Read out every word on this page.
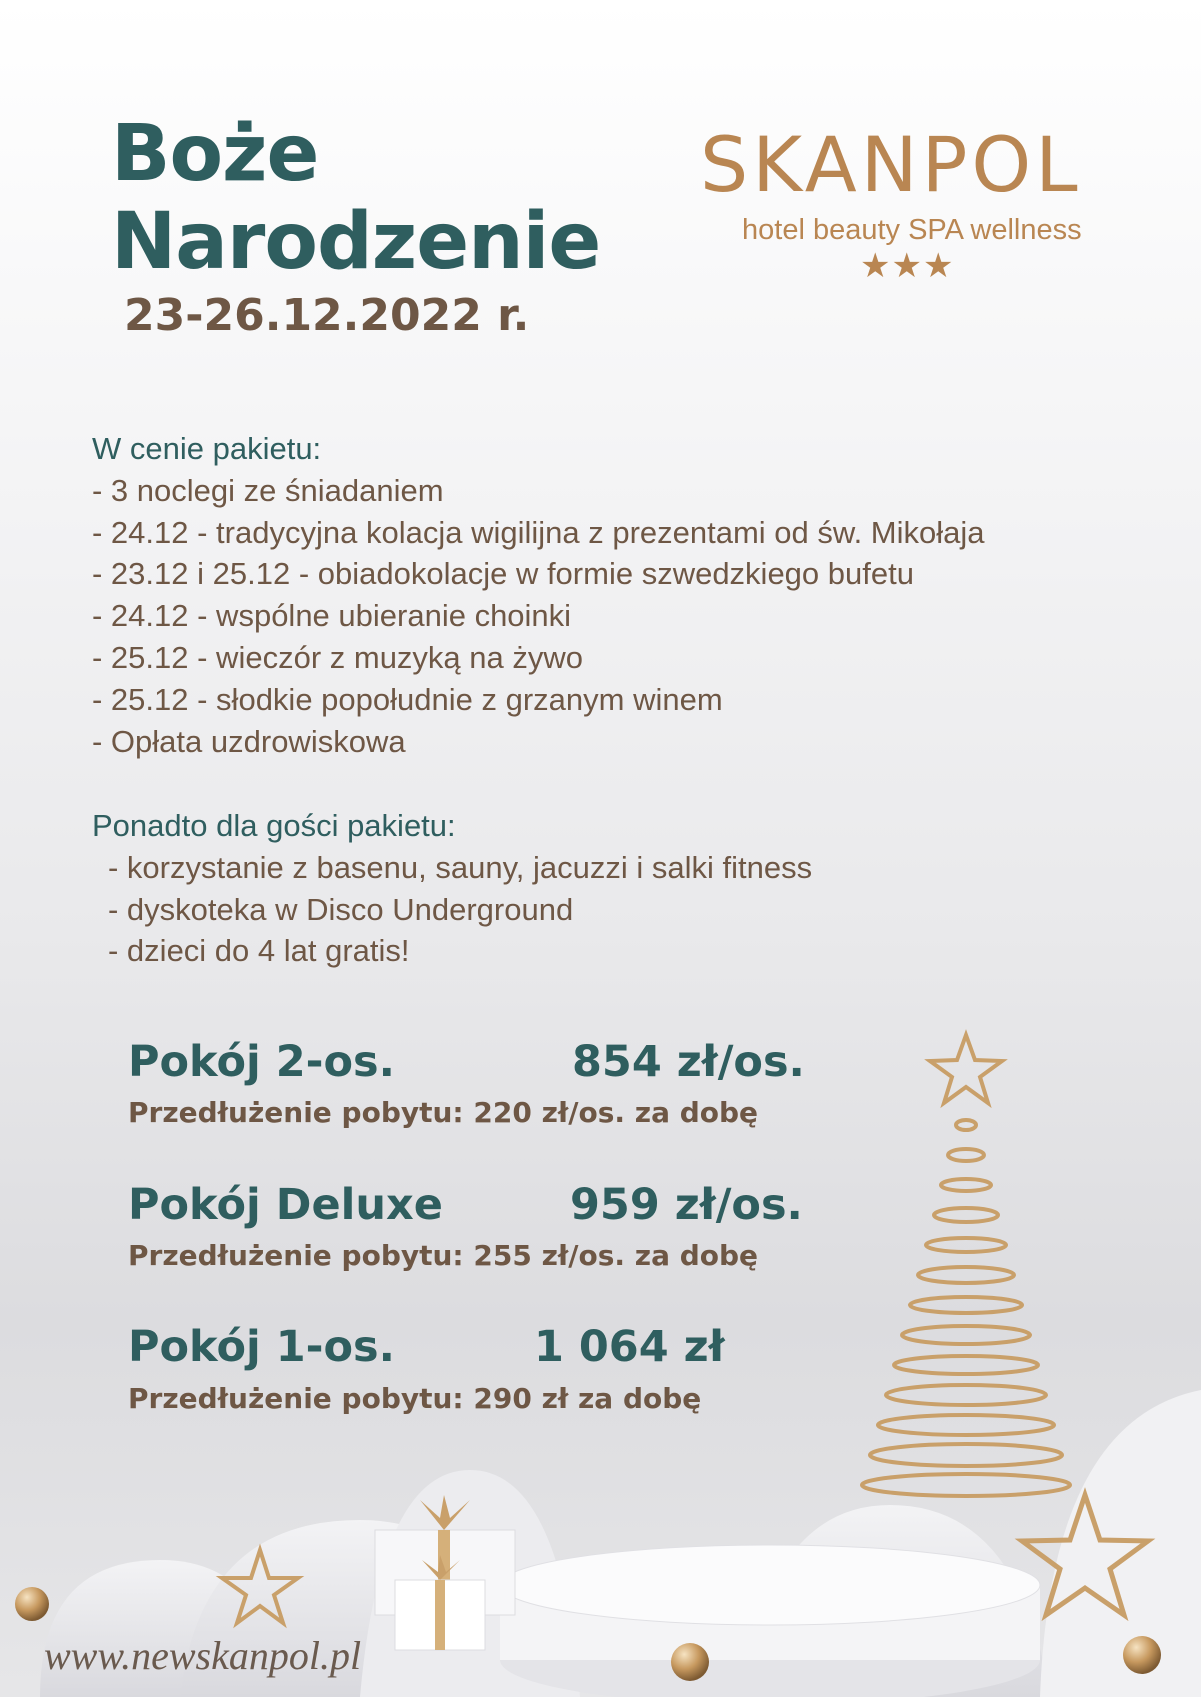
Boże
Narodzenie
23-26.12.2022 r.
SKANPOL
hotel beauty SPA wellness
★★★
W cenie pakietu:
- 3 noclegi ze śniadaniem
- 24.12 - tradycyjna kolacja wigilijna z prezentami od św. Mikołaja
- 23.12 i 25.12 - obiadokolacje w formie szwedzkiego bufetu
- 24.12 - wspólne ubieranie choinki
- 25.12 - wieczór z muzyką na żywo
- 25.12 - słodkie popołudnie z grzanym winem
- Opłata uzdrowiskowa
Ponadto dla gości pakietu:
- korzystanie z basenu, sauny, jacuzzi i salki fitness
- dyskoteka w Disco Underground
- dzieci do 4 lat gratis!
Pokój 2-os.	854 zł/os.
Przedłużenie pobytu: 220 zł/os. za dobę
Pokój Deluxe	959 zł/os.
Przedłużenie pobytu: 255 zł/os. za dobę
Pokój 1-os.	1 064 zł
Przedłużenie pobytu: 290 zł za dobę
www.newskanpol.pl
